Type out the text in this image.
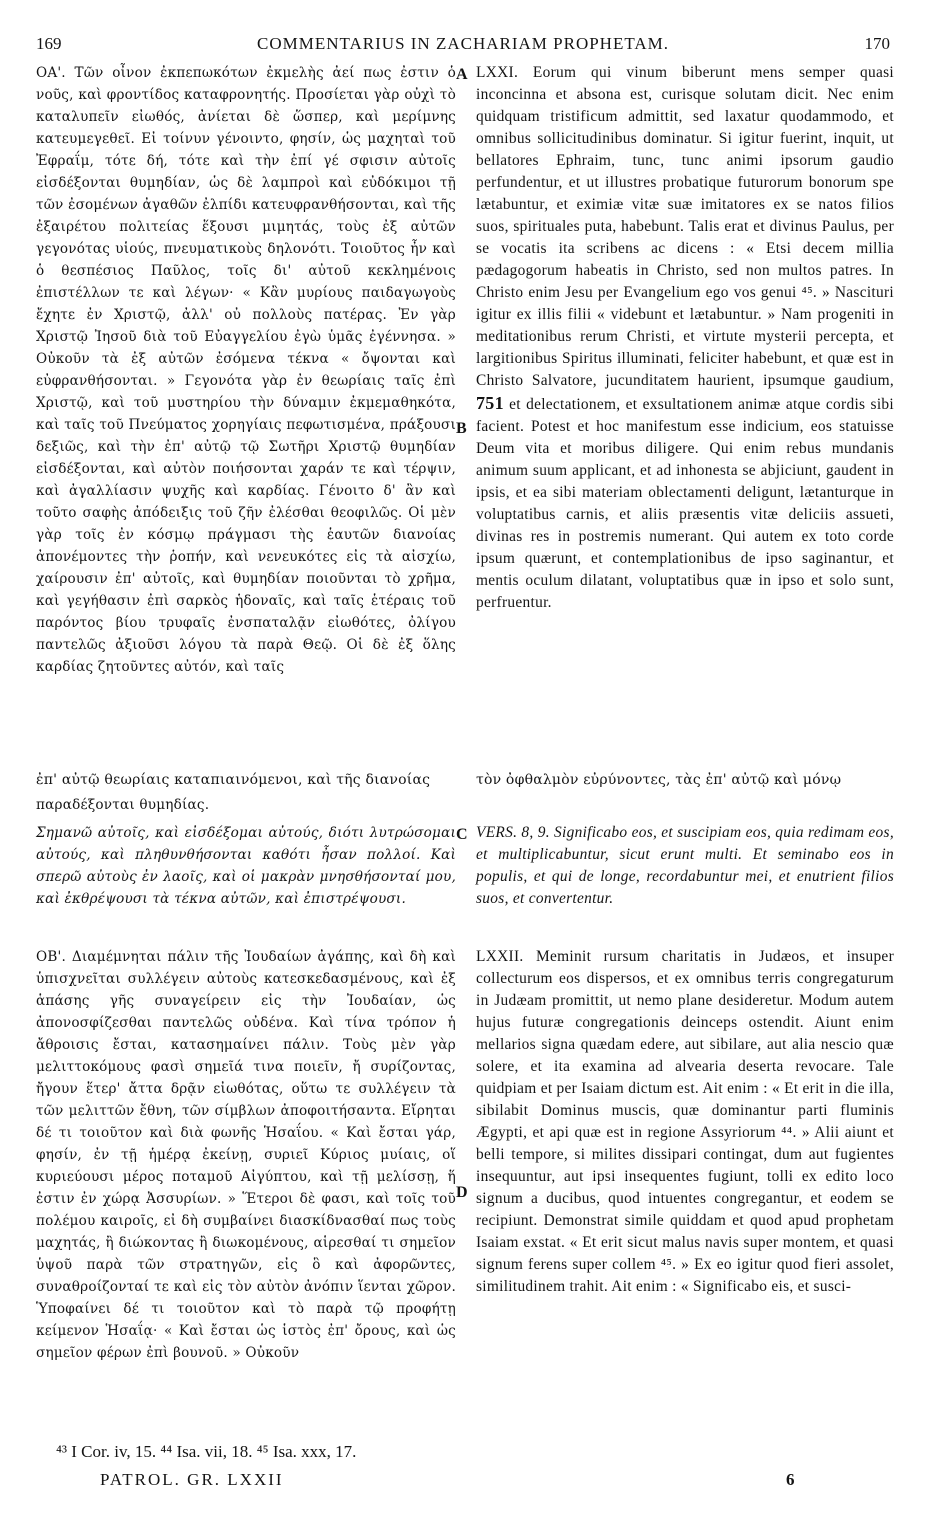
169	COMMENTARIUS IN ZACHARIAM PROPHETAM.	170
A
B
C
D

ΟΑ'. Τῶν οἶνον ἐκπεπωκότων ἐκμελὴς ἀεί πως ἐστιν ὁ νοῦς, καὶ φροντίδος καταφρονητής. Προσίεται γὰρ οὐχὶ τὸ καταλυπεῖν εἰωθός, ἀνίεται δὲ ὥσπερ, καὶ μερίμνης κατευμεγεθεῖ. Εἰ τοίνυν γένοιντο, φησίν, ὡς μαχηταὶ τοῦ Ἐφραΐμ, τότε δή, τότε καὶ τὴν ἐπί γέ σφισιν αὐτοῖς εἰσδέξονται θυμηδίαν, ὡς δὲ λαμπροὶ καὶ εὐδόκιμοι τῇ τῶν ἐσομένων ἀγαθῶν ἐλπίδι κατευφρανθήσονται, καὶ τῆς ἐξαιρέτου πολιτείας ἕξουσι μιμητάς, τοὺς ἐξ αὐτῶν γεγονότας υἱούς, πνευματικοὺς δηλονότι. Τοιοῦτος ἦν καὶ ὁ θεσπέσιος Παῦλος, τοῖς δι' αὐτοῦ κεκλημένοις ἐπιστέλλων τε καὶ λέγων· « Κἂν μυρίους παιδαγωγοὺς ἔχητε ἐν Χριστῷ, ἀλλ' οὐ πολλοὺς πατέρας. Ἐν γὰρ Χριστῷ Ἰησοῦ διὰ τοῦ Εὐαγγελίου ἐγὼ ὑμᾶς ἐγέννησα. » Οὐκοῦν τὰ ἐξ αὐτῶν ἐσόμενα τέκνα « ὄψονται καὶ εὐφρανθήσονται. » Γεγονότα γὰρ ἐν θεωρίαις ταῖς ἐπὶ Χριστῷ, καὶ τοῦ μυστηρίου τὴν δύναμιν ἐκμεμαθηκότα, καὶ ταῖς τοῦ Πνεύματος χορηγίαις πεφωτισμένα, πράξουσι δεξιῶς, καὶ τὴν ἐπ' αὐτῷ τῷ Σωτῆρι Χριστῷ θυμηδίαν εἰσδέξονται, καὶ αὐτὸν ποιήσονται χαράν τε καὶ τέρψιν, καὶ ἀγαλλίασιν ψυχῆς καὶ καρδίας. Γένοιτο δ' ἂν καὶ τοῦτο σαφὴς ἀπόδειξις τοῦ ζῆν ἐλέσθαι θεοφιλῶς. Οἱ μὲν γὰρ τοῖς ἐν κόσμῳ πράγμασι τὴς ἑαυτῶν διανοίας ἀπονέμοντες τὴν ῥοπήν, καὶ νενευκότες εἰς τὰ αἰσχίω, χαίρουσιν ἐπ' αὐτοῖς, καὶ θυμηδίαν ποιοῦνται τὸ χρῆμα, καὶ γεγήθασιν ἐπὶ σαρκὸς ἡδοναῖς, καὶ ταῖς ἑτέραις τοῦ παρόντος βίου τρυφαῖς ἐνσπαταλᾷν εἰωθότες, ὀλίγου παντελῶς ἀξιοῦσι λόγου τὰ παρὰ Θεῷ. Οἱ δὲ ἐξ ὅλης καρδίας ζητοῦντες αὐτόν, καὶ ταῖς

LXXI. Eorum qui vinum biberunt mens semper quasi inconcinna et absona est, curisque solutam dicit. Nec enim quidquam tristificum admittit, sed laxatur quodammodo, et omnibus sollicitudinibus dominatur. Si igitur fuerint, inquit, ut bellatores Ephraim, tunc, tunc animi ipsorum gaudio perfundentur, et ut illustres probatique futurorum bonorum spe lætabuntur, et eximiæ vitæ suæ imitatores ex se natos filios suos, spirituales puta, habebunt. Talis erat et divinus Paulus, per se vocatis ita scribens ac dicens : « Etsi decem millia pædagogorum habeatis in Christo, sed non multos patres. In Christo enim Jesu per Evangelium ego vos genui ⁴⁵. » Nasciturі igitur ex illis filii « videbunt et lætabuntur. » Nam progeniti in meditationibus rerum Christi, et virtute mysterii percepta, et largitionibus Spiritus illuminati, feliciter habebunt, et quæ est in Christo Salvatore, jucunditatem haurient, ipsumque gaudium, 751 et delectationem, et exsultationem animæ atque cordis sibi facient. Potest et hoc manifestum esse indicium, eos statuisse Deum vita et moribus diligere. Qui enim rebus mundanis animum suum applicant, et ad inhonesta se abjiciunt, gaudent in ipsis, et ea sibi materiam oblectamenti deligunt, lætanturque in voluptatibus carnis, et aliis præsentis vitæ deliciis assueti, divinas res in postremis numerant. Qui autem ex toto corde ipsum quærunt, et contemplationibus de ipso saginantur, et mentis oculum dilatant, voluptatibus quæ in ipso et solo sunt, perfruentur.

ἐπ' αὐτῷ θεωρίαις καταπιαινόμενοι, καὶ τῆς διανοίας	τὸν ὀφθαλμὸν εὐρύνοντες, τὰς ἐπ' αὐτῷ καὶ μόνῳ
παραδέξονται θυμηδίας.

Σημανῶ αὐτοῖς, καὶ εἰσδέξομαι αὐτούς, διότι λυτρώσομαι αὐτούς, καὶ πληθυνθήσονται καθότι ἦσαν πολλοί. Καὶ σπερῶ αὐτοὺς ἐν λαοῖς, καὶ οἱ μακρὰν μνησθήσονταί μου, καὶ ἐκθρέψουσι τὰ τέκνα αὐτῶν, καὶ ἐπιστρέψουσι.

VERS. 8, 9. Significabo eos, et suscipiam eos, quia redimam eos, et multiplicabuntur, sicut erunt multi. Et seminabo eos in populis, et qui de longe, recordabuntur mei, et enutrient filios suos, et convertentur.

ΟΒ'. Διαμέμνηται πάλιν τῆς Ἰουδαίων ἀγάπης, καὶ δὴ καὶ ὑπισχνεῖται συλλέγειν αὐτοὺς κατεσκεδασμένους, καὶ ἐξ ἁπάσης γῆς συναγείρειν εἰς τὴν Ἰουδαίαν, ὡς ἀπονοσφίζεσθαι παντελῶς οὐδένα. Καὶ τίνα τρόπον ἡ ἄθροισις ἔσται, κατασημαίνει πάλιν. Τοὺς μὲν γὰρ μελιττοκόμους φασὶ σημεῖά τινα ποιεῖν, ἤ συρίζοντας, ἤγουν ἕτερ' ἄττα δρᾷν εἰωθότας, οὕτω τε συλλέγειν τὰ τῶν μελιττῶν ἔθνη, τῶν σίμβλων ἀποφοιτήσαντα. Εἴρηται δέ τι τοιοῦτον καὶ διὰ φωνῆς Ἡσαΐου. « Καὶ ἔσται γάρ, φησίν, ἐν τῇ ἡμέρᾳ ἐκείνῃ, συριεῖ Κύριος μυίαις, οἵ κυριεύουσι μέρος ποταμοῦ Αἰγύπτου, καὶ τῇ μελίσσῃ, ἥ ἐστιν ἐν χώρᾳ Ἀσσυρίων. » Ἕτεροι δὲ φασι, καὶ τοῖς τοῦ πολέμου καιροῖς, εἰ δὴ συμβαίνει διασκίδνασθαί πως τοὺς μαχητάς, ἢ διώκοντας ἢ διωκομένους, αἱρεσθαί τι σημεῖον ὑψοῦ παρὰ τῶν στρατηγῶν, εἰς ὃ καὶ ἀφορῶντες, συναθροίζονταί τε καὶ εἰς τὸν αὐτὸν ἀνόπιν ἵενται χῶρον. Ὑποφαίνει δέ τι τοιοῦτον καὶ τὸ παρὰ τῷ προφήτῃ κείμενον Ἡσαΐᾳ· « Καὶ ἔσται ὡς ἱστὸς ἐπ' ὄρους, καὶ ὡς σημεῖον φέρων ἐπὶ βουνοῦ. » Οὐκοῦν

LXXII. Meminit rursum charitatis in Judæos, et insuper collecturum eos dispersos, et ex omnibus terris congregaturum in Judæam promittit, ut nemo plane desideretur. Modum autem hujus futuræ congregationis deinceps ostendit. Aiunt enim mellarios signa quædam edere, aut sibilare, aut alia nescio quæ solere, et ita examina ad alvearia deserta revocare. Tale quidpiam et per Isaiam dictum est. Ait enim : « Et erit in die illa, sibilabit Dominus muscis, quæ dominantur parti fluminis Ægypti, et api quæ est in regione Assyriorum ⁴⁴. » Alii aiunt et belli tempore, si milites dissipari contingat, dum aut fugientes insequuntur, aut ipsi insequentes fugiunt, tolli ex edito loco signum a ducibus, quod intuentes congregantur, et eodem se recipiunt. Demonstrat simile quiddam et quod apud prophetam Isaiam exstat. « Et erit sicut malus navis super montem, et quasi signum ferens super collem ⁴⁵. » Ex eo igitur quod fieri assolet, similitudinem trahit. Ait enim : « Significabo eis, et susci-

⁴³ I Cor. iv, 15. ⁴⁴ Isa. vii, 18. ⁴⁵ Isa. xxx, 17.
PATROL. GR. LXXII	6
